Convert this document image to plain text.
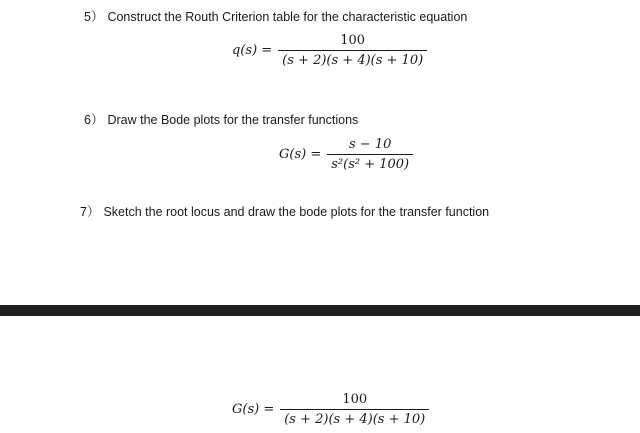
5） Construct the Routh Criterion table for the characteristic equation

$q(s) = \frac{100}{(s + 2)(s + 4)(s + 10)}$

6） Draw the Bode plots for the transfer functions

$G(s) = \frac{s - 10}{\text{s²(s² + 100)}}$

7） Sketch the root locus and draw the bode plots for the transfer function

$G(s) = \frac{100}{(s + 2)(s + 4)(s + 10)}$
